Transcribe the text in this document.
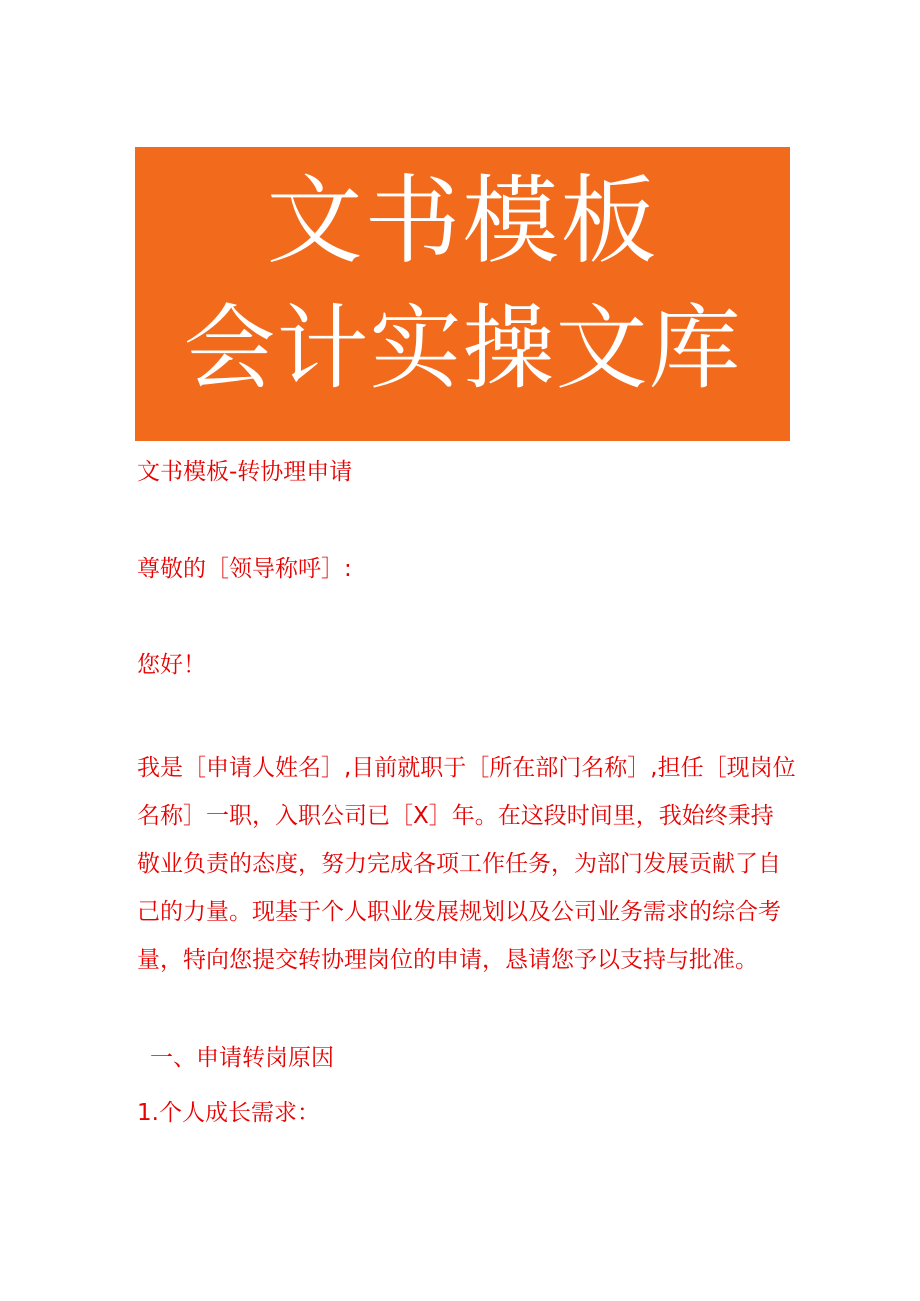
文书模板
会计实操文库
文书模板-转协理申请
尊敬的［领导称呼］:
您好！
我是［申请人姓名］,目前就职于［所在部门名称］,担任［现岗位
名称］一职，入职公司已［X］年。在这段时间里，我始终秉持
敬业负责的态度，努力完成各项工作任务，为部门发展贡献了自
己的力量。现基于个人职业发展规划以及公司业务需求的综合考
量，特向您提交转协理岗位的申请，恳请您予以支持与批准。
一、申请转岗原因
1.个人成长需求：
